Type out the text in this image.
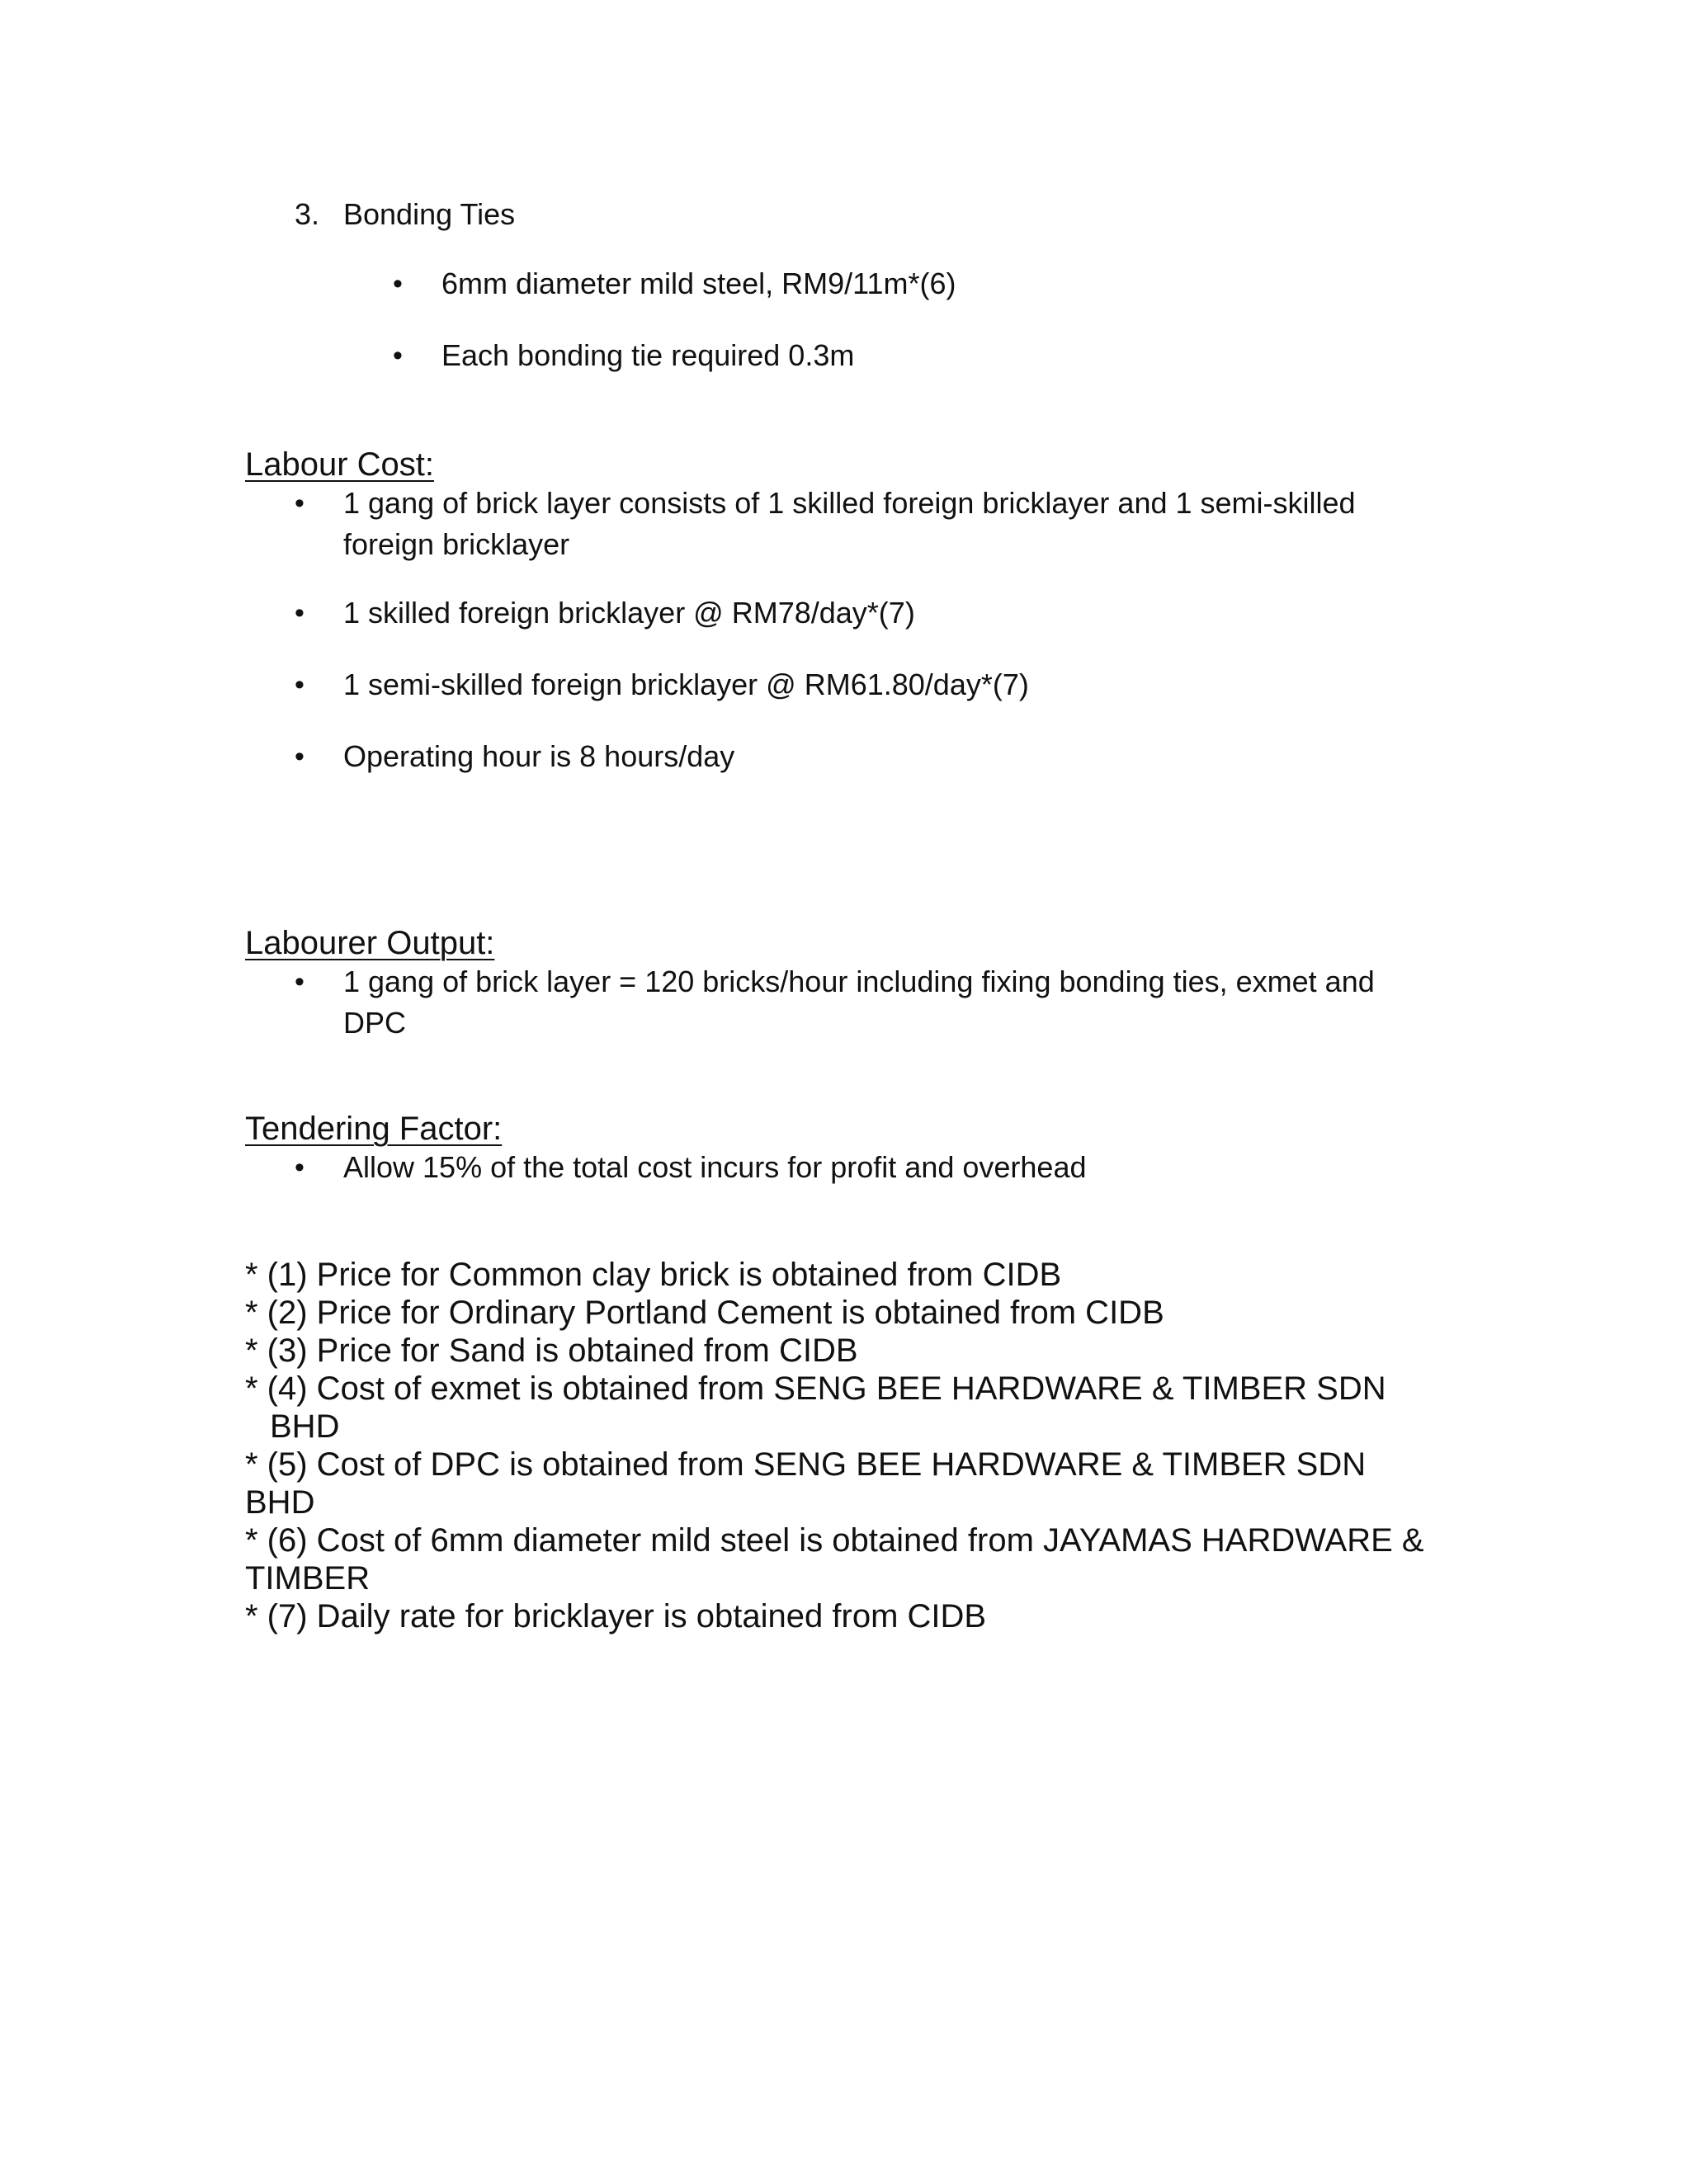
3. Bonding Ties
• 6mm diameter mild steel, RM9/11m*(6)
• Each bonding tie required 0.3m
Labour Cost:
• 1 gang of brick layer consists of 1 skilled foreign bricklayer and 1 semi-skilled
foreign bricklayer
• 1 skilled foreign bricklayer @ RM78/day*(7)
• 1 semi-skilled foreign bricklayer @ RM61.80/day*(7)
• Operating hour is 8 hours/day
Labourer Output:
• 1 gang of brick layer = 120 bricks/hour including fixing bonding ties, exmet and
DPC
Tendering Factor:
• Allow 15% of the total cost incurs for profit and overhead
* (1) Price for Common clay brick is obtained from CIDB
* (2) Price for Ordinary Portland Cement is obtained from CIDB
* (3) Price for Sand is obtained from CIDB
* (4) Cost of exmet is obtained from SENG BEE HARDWARE & TIMBER SDN
BHD
* (5) Cost of DPC is obtained from SENG BEE HARDWARE & TIMBER SDN
BHD
* (6) Cost of 6mm diameter mild steel is obtained from JAYAMAS HARDWARE &
TIMBER
* (7) Daily rate for bricklayer is obtained from CIDB
